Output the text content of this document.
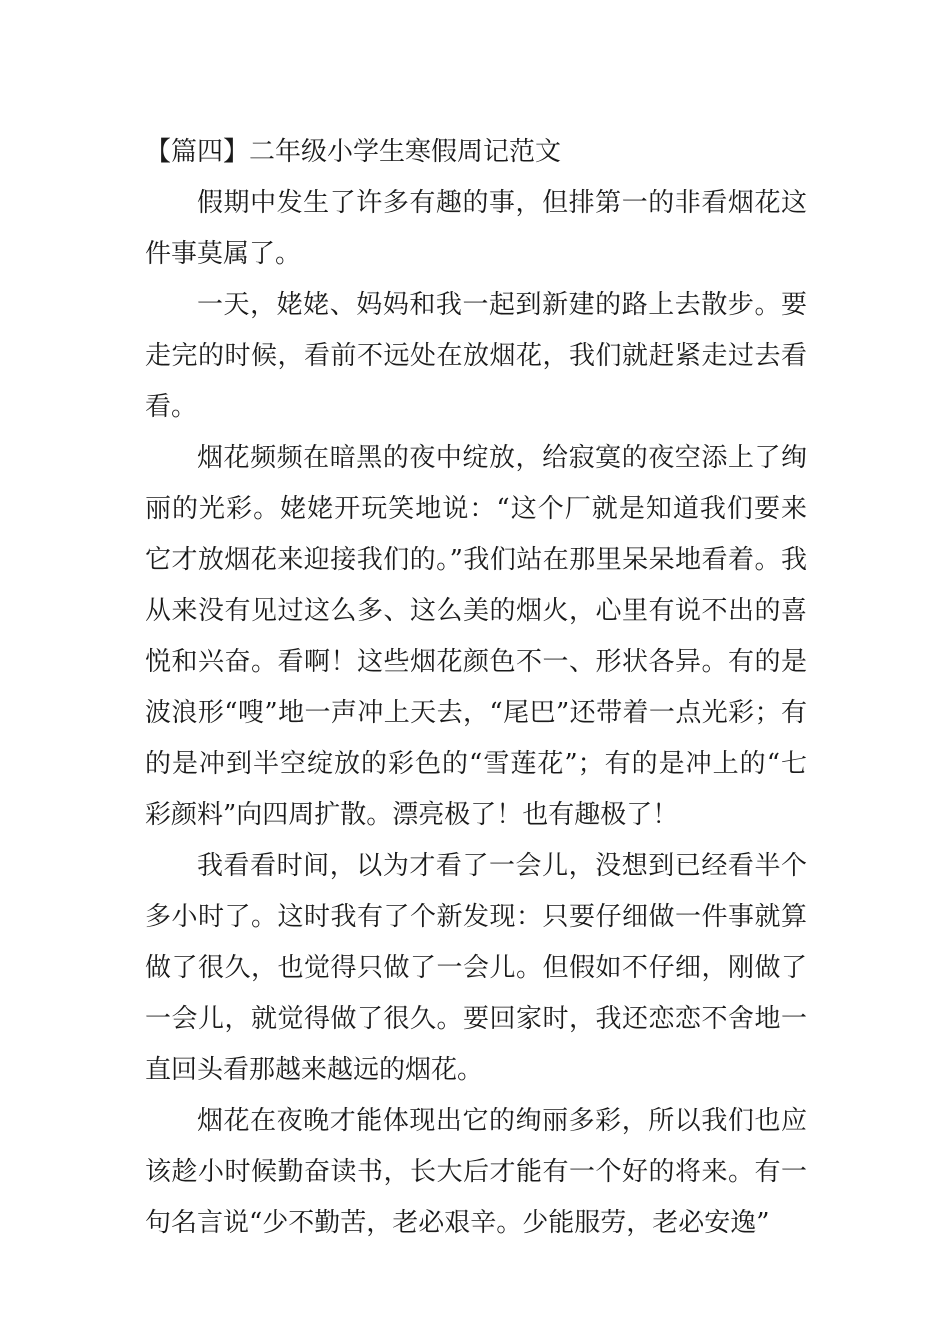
【篇四】二年级小学生寒假周记范文

假期中发生了许多有趣的事，但排第一的非看烟花这件事莫属了。

一天，姥姥、妈妈和我一起到新建的路上去散步。要走完的时候，看前不远处在放烟花，我们就赶紧走过去看看。

烟花频频在暗黑的夜中绽放，给寂寞的夜空添上了绚丽的光彩。姥姥开玩笑地说：“这个厂就是知道我们要来它才放烟花来迎接我们的。”我们站在那里呆呆地看着。我从来没有见过这么多、这么美的烟火，心里有说不出的喜悦和兴奋。看啊！这些烟花颜色不一、形状各异。有的是波浪形“嗖”地一声冲上天去，“尾巴”还带着一点光彩；有的是冲到半空绽放的彩色的“雪莲花”；有的是冲上的“七彩颜料”向四周扩散。漂亮极了！也有趣极了！

我看看时间，以为才看了一会儿，没想到已经看半个多小时了。这时我有了个新发现：只要仔细做一件事就算做了很久，也觉得只做了一会儿。但假如不仔细，刚做了一会儿，就觉得做了很久。要回家时，我还恋恋不舍地一直回头看那越来越远的烟花。

烟花在夜晚才能体现出它的绚丽多彩，所以我们也应该趁小时候勤奋读书，长大后才能有一个好的将来。有一句名言说“少不勤苦，老必艰辛。少能服劳，老必安逸”
